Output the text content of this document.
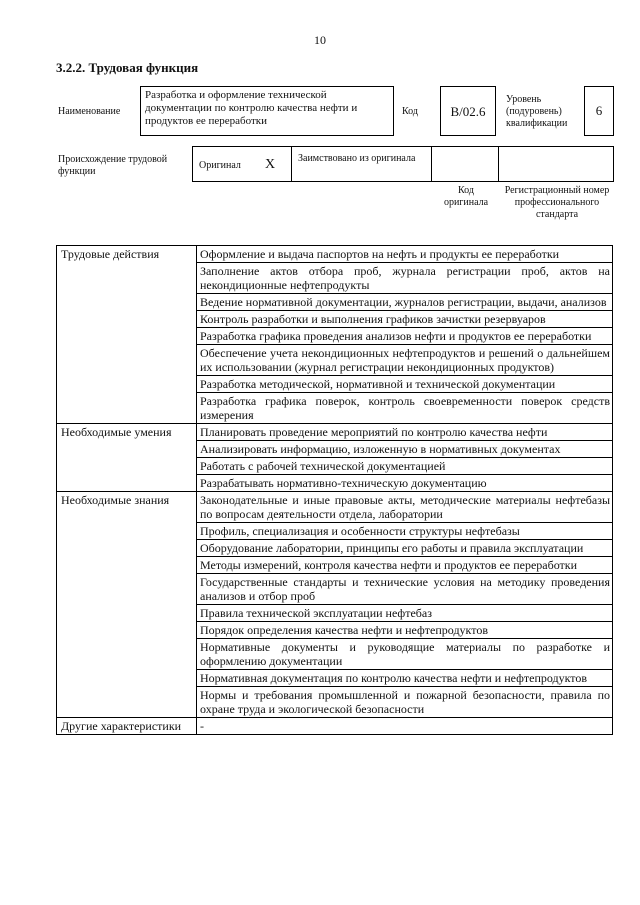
10
3.2.2. Трудовая функция
Наименование
Разработка и оформление технической документации по контролю качества нефти и продуктов ее переработки
Код B/02.6
Уровень (подуровень) квалификации
6
Происхождение трудовой функции
Оригинал X Заимствовано из оригинала
Код оригинала
Регистрационный номер профессионального стандарта
Трудовые действия	Оформление и выдача паспортов на нефть и продукты ее переработки
	Заполнение актов отбора проб, журнала регистрации проб, актов на некондиционные нефтепродукты
	Ведение нормативной документации, журналов регистрации, выдачи, анализов
	Контроль разработки и выполнения графиков зачистки резервуаров
	Разработка графика проведения анализов нефти и продуктов ее переработки
	Обеспечение учета некондиционных нефтепродуктов и решений о дальнейшем их использовании (журнал регистрации некондиционных продуктов)
	Разработка методической, нормативной и технической документации
	Разработка графика поверок, контроль своевременности поверок средств измерения
Необходимые умения	Планировать проведение мероприятий по контролю качества нефти
	Анализировать информацию, изложенную в нормативных документах
	Работать с рабочей технической документацией
	Разрабатывать нормативно-техническую документацию
Необходимые знания	Законодательные и иные правовые акты, методические материалы нефтебазы по вопросам деятельности отдела, лаборатории
	Профиль, специализация и особенности структуры нефтебазы
	Оборудование лаборатории, принципы его работы и правила эксплуатации
	Методы измерений, контроля качества нефти и продуктов ее переработки
	Государственные стандарты и технические условия на методику проведения анализов и отбор проб
	Правила технической эксплуатации нефтебаз
	Порядок определения качества нефти и нефтепродуктов
	Нормативные документы и руководящие материалы по разработке и оформлению документации
	Нормативная документация по контролю качества нефти и нефтепродуктов
	Нормы и требования промышленной и пожарной безопасности, правила по охране труда и экологической безопасности
Другие характеристики	-
